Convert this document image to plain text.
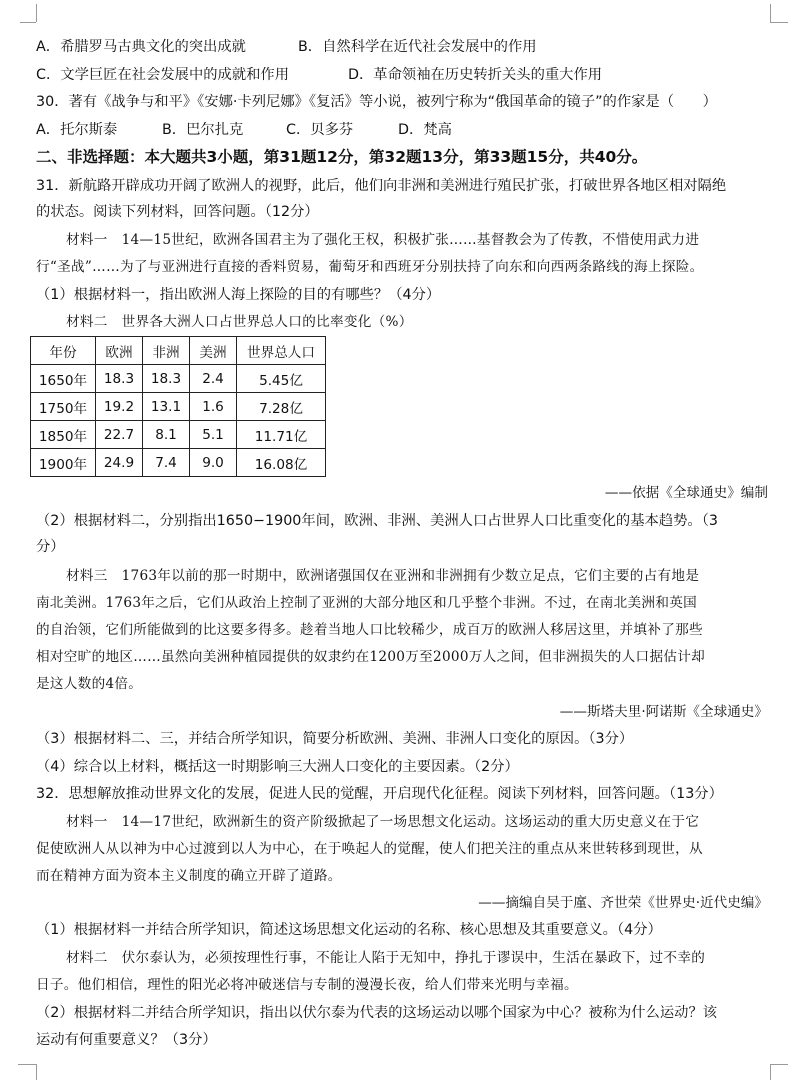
A．希腊罗马古典文化的突出成就	B．自然科学在近代社会发展中的作用
C．文学巨匠在社会发展中的成就和作用	D．革命领袖在历史转折关头的重大作用
30．著有《战争与和平》《安娜·卡列尼娜》《复活》等小说，被列宁称为“俄国革命的镜子”的作家是（　　）
A．托尔斯泰	B．巴尔扎克	C．贝多芬	D．梵高
二、非选择题：本大题共3小题，第31题12分，第32题13分，第33题15分，共40分。
31．新航路开辟成功开阔了欧洲人的视野，此后，他们向非洲和美洲进行殖民扩张，打破世界各地区相对隔绝
的状态。阅读下列材料，回答问题。（12分）
材料一　14—15世纪，欧洲各国君主为了强化王权，积极扩张……基督教会为了传教，不惜使用武力进
行“圣战”……为了与亚洲进行直接的香料贸易，葡萄牙和西班牙分别扶持了向东和向西两条路线的海上探险。
（1）根据材料一，指出欧洲人海上探险的目的有哪些？（4分）
材料二　世界各大洲人口占世界总人口的比率变化（%）
年份	欧洲	非洲	美洲	世界总人口
1650年	18.3	18.3	2.4	5.45亿
1750年	19.2	13.1	1.6	7.28亿
1850年	22.7	8.1	5.1	11.71亿
1900年	24.9	7.4	9.0	16.08亿
——依据《全球通史》编制
（2）根据材料二，分别指出1650−1900年间，欧洲、非洲、美洲人口占世界人口比重变化的基本趋势。（3
分）
材料三　1763年以前的那一时期中，欧洲诸强国仅在亚洲和非洲拥有少数立足点，它们主要的占有地是
南北美洲。1763年之后，它们从政治上控制了亚洲的大部分地区和几乎整个非洲。不过，在南北美洲和英国
的自治领，它们所能做到的比这要多得多。趁着当地人口比较稀少，成百万的欧洲人移居这里，并填补了那些
相对空旷的地区……虽然向美洲种植园提供的奴隶约在1200万至2000万人之间，但非洲损失的人口据估计却
是这人数的4倍。
——斯塔夫里·阿诺斯《全球通史》
（3）根据材料二、三，并结合所学知识，简要分析欧洲、美洲、非洲人口变化的原因。（3分）
（4）综合以上材料，概括这一时期影响三大洲人口变化的主要因素。（2分）
32．思想解放推动世界文化的发展，促进人民的觉醒，开启现代化征程。阅读下列材料，回答问题。（13分）
材料一　14—17世纪，欧洲新生的资产阶级掀起了一场思想文化运动。这场运动的重大历史意义在于它
促使欧洲人从以神为中心过渡到以人为中心，在于唤起人的觉醒，使人们把关注的重点从来世转移到现世，从
而在精神方面为资本主义制度的确立开辟了道路。
——摘编自吴于廑、齐世荣《世界史·近代史编》
（1）根据材料一并结合所学知识，简述这场思想文化运动的名称、核心思想及其重要意义。（4分）
材料二　伏尔泰认为，必须按理性行事，不能让人陷于无知中，挣扎于谬误中，生活在暴政下，过不幸的
日子。他们相信，理性的阳光必将冲破迷信与专制的漫漫长夜，给人们带来光明与幸福。
（2）根据材料二并结合所学知识，指出以伏尔泰为代表的这场运动以哪个国家为中心？被称为什么运动？该
运动有何重要意义？（3分）
